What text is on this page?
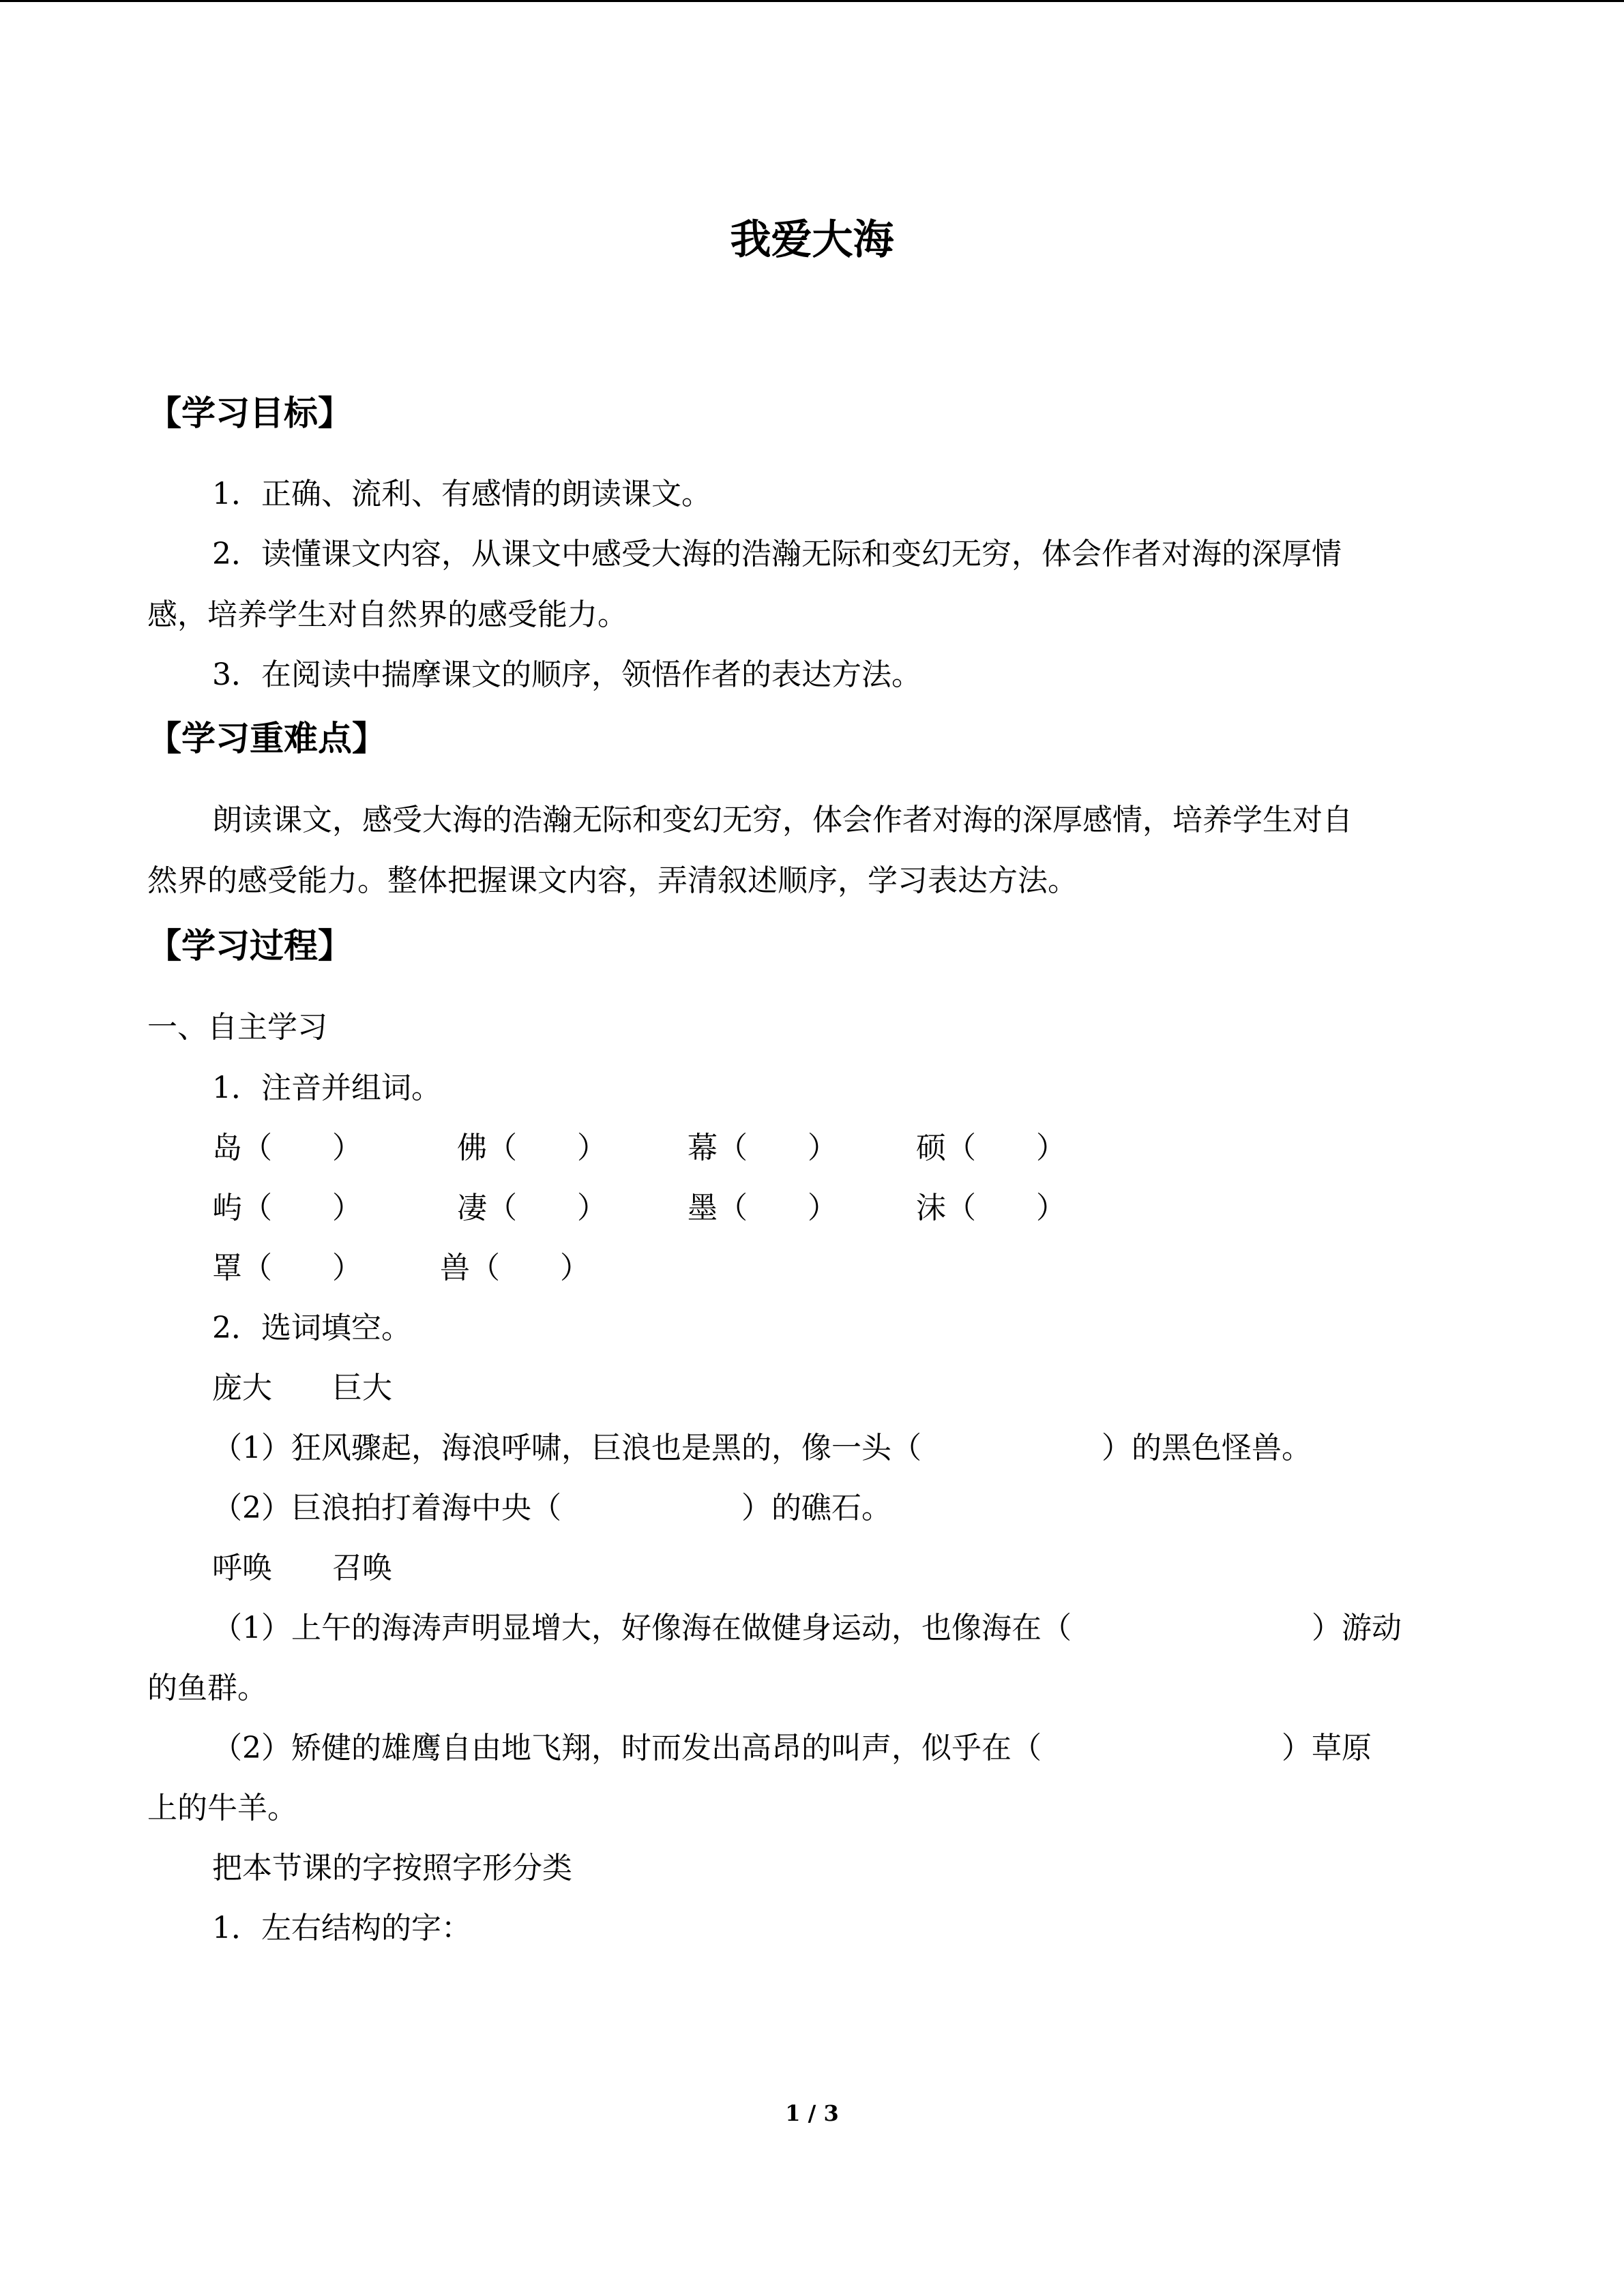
我爱大海
【学习目标】
1．正确、流利、有感情的朗读课文。
2．读懂课文内容，从课文中感受大海的浩瀚无际和变幻无穷，体会作者对海的深厚情
感，培养学生对自然界的感受能力。
3．在阅读中揣摩课文的顺序，领悟作者的表达方法。
【学习重难点】
朗读课文，感受大海的浩瀚无际和变幻无穷，体会作者对海的深厚感情，培养学生对自
然界的感受能力。整体把握课文内容，弄清叙述顺序，学习表达方法。
【学习过程】
一、自主学习
1．注音并组词。
岛（　　）	佛（　　）	幕（　　）	硕（　　）
屿（　　）	凄（　　）	墨（　　）	沫（　　）
罩（　　）	兽（　　）
2．选词填空。
庞大　　巨大
（1）狂风骤起，海浪呼啸，巨浪也是黑的，像一头（　　　　　　）的黑色怪兽。
（2）巨浪拍打着海中央（　　　　　　）的礁石。
呼唤　　召唤
（1）上午的海涛声明显增大，好像海在做健身运动，也像海在（　　　　　　　　）游动
的鱼群。
（2）矫健的雄鹰自由地飞翔，时而发出高昂的叫声，似乎在（　　　　　　　　）草原
上的牛羊。
把本节课的字按照字形分类
1．左右结构的字：
1 / 3
